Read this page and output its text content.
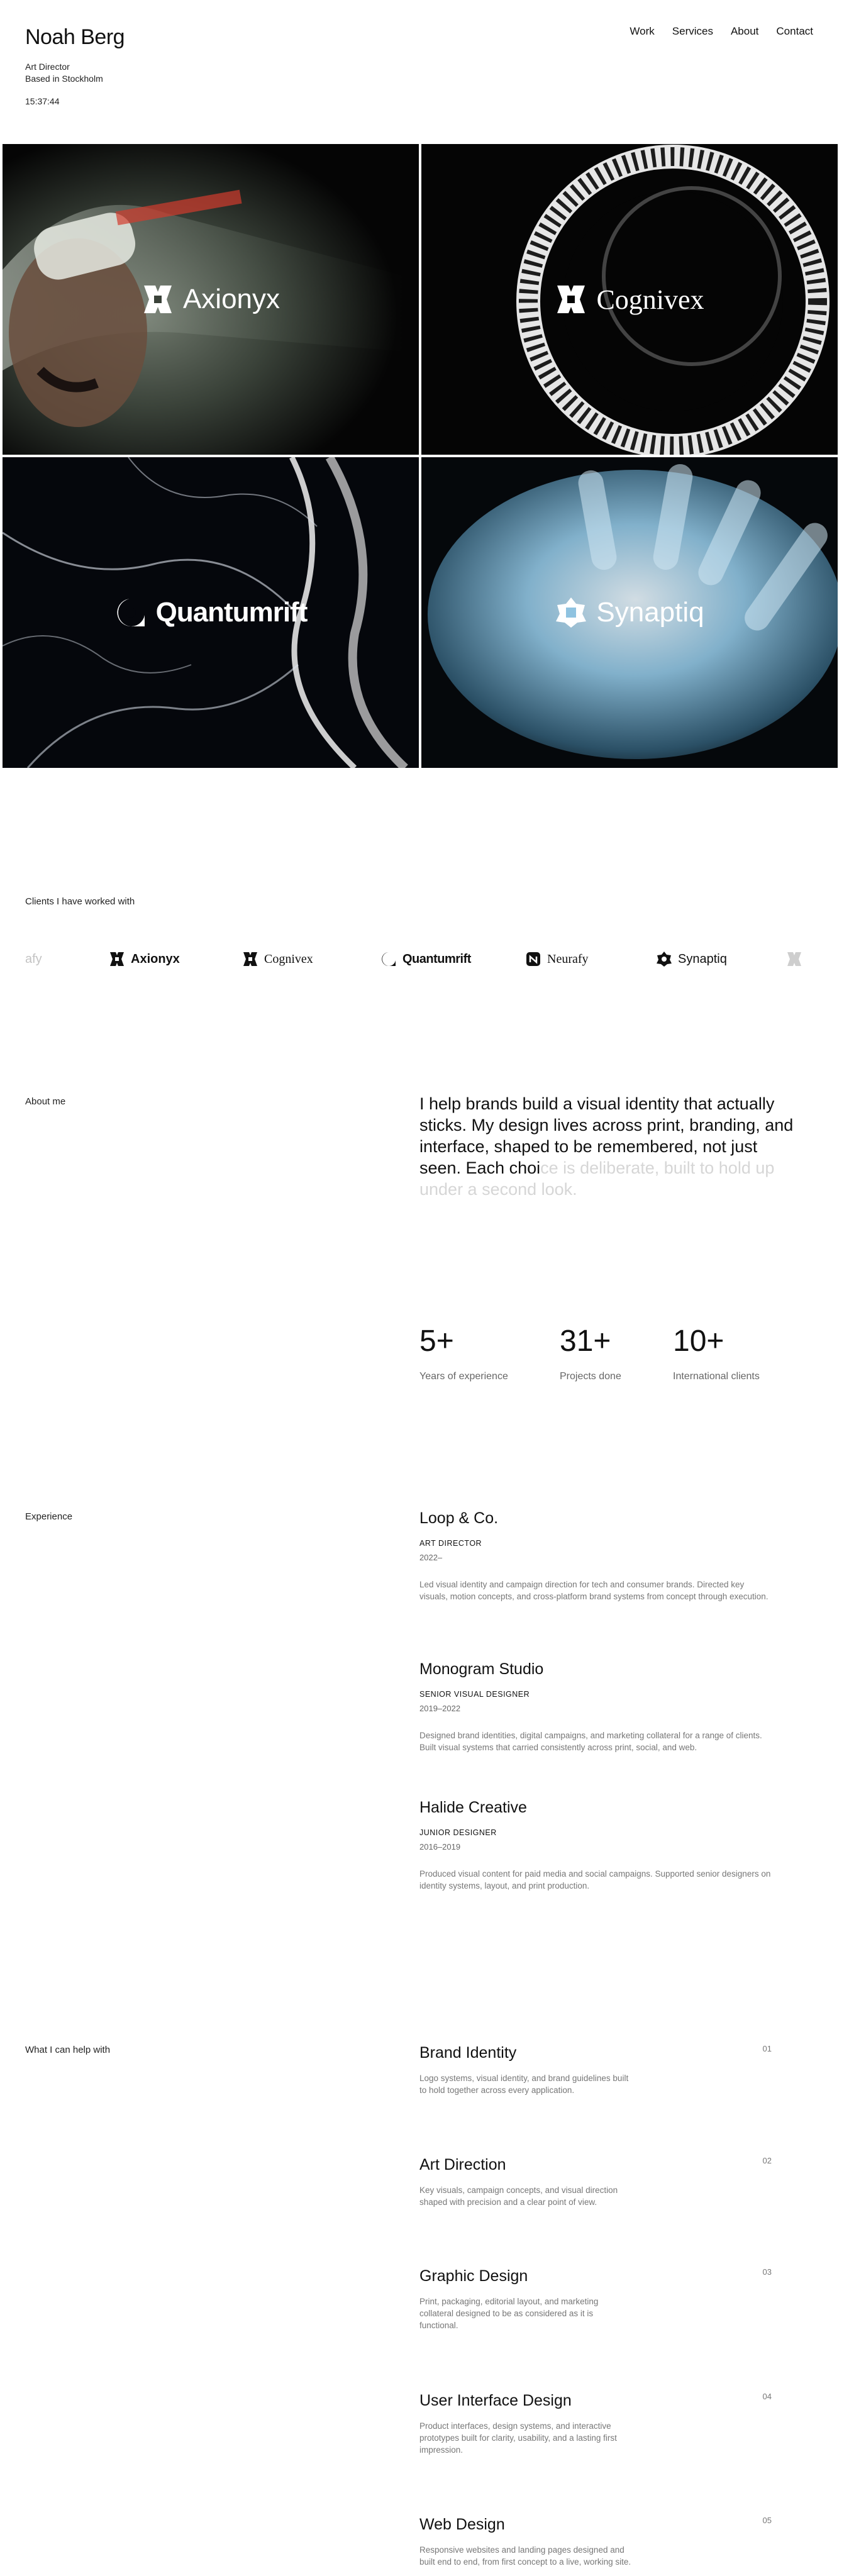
Noah Berg
Art Director
Based in Stockholm
15:37:44
Work Services About Contact
Axionyx	Cognivex
Quantumrift	Synaptiq
Clients I have worked with
afy	Axionyx	Cognivex	Quantumrift	Neurafy	Synaptiq
About me	I help brands build a visual identity that actually sticks. My design lives across print, branding, and interface, shaped to be remembered, not just seen. Each choice is deliberate, built to hold up under a second look.
5+
Years of experience
31+
Projects done
10+
International clients
Experience	Loop & Co.
ART DIRECTOR
2022–
Led visual identity and campaign direction for tech and consumer brands. Directed key visuals, motion concepts, and cross-platform brand systems from concept through execution.
Monogram Studio
SENIOR VISUAL DESIGNER
2019–2022
Designed brand identities, digital campaigns, and marketing collateral for a range of clients. Built visual systems that carried consistently across print, social, and web.
Halide Creative
JUNIOR DESIGNER
2016–2019
Produced visual content for paid media and social campaigns. Supported senior designers on identity systems, layout, and print production.
What I can help with	Brand Identity
Logo systems, visual identity, and brand guidelines built to hold together across every application.
01
Art Direction
Key visuals, campaign concepts, and visual direction shaped with precision and a clear point of view.
02
Graphic Design
Print, packaging, editorial layout, and marketing collateral designed to be as considered as it is functional.
03
User Interface Design
Product interfaces, design systems, and interactive prototypes built for clarity, usability, and a lasting first impression.
04
Web Design
Responsive websites and landing pages designed and built end to end, from first concept to a live, working site.
05
